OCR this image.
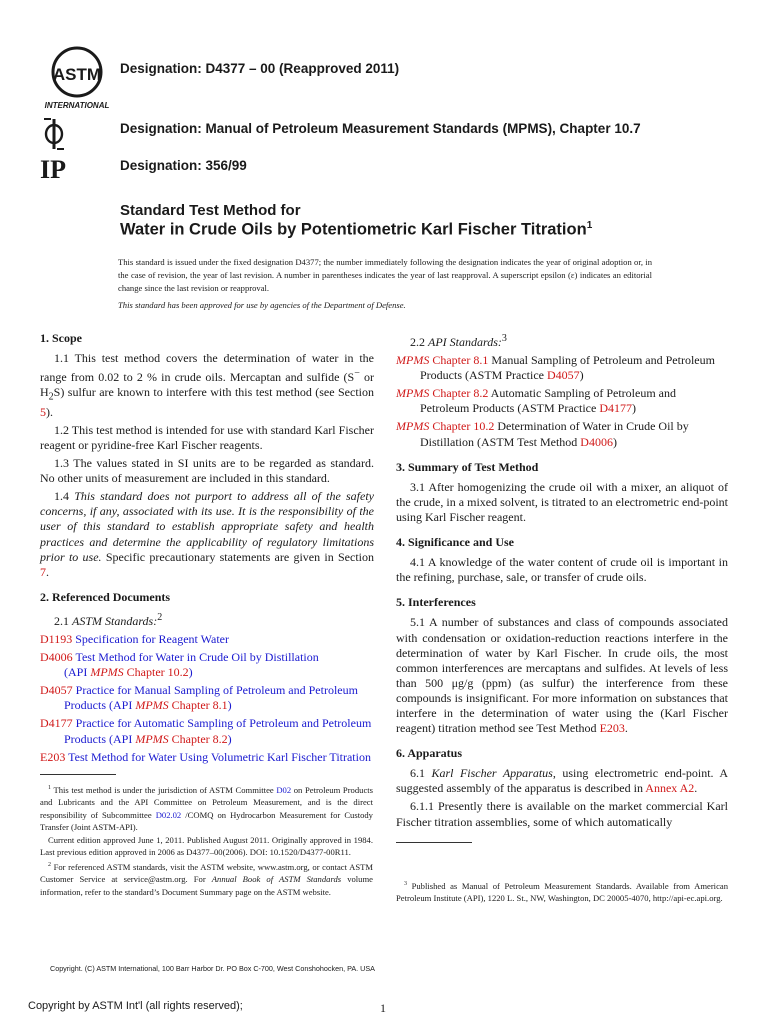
ASTM
INTERNATIONAL
API
IP
Designation: D4377 – 00 (Reapproved 2011)
Designation: Manual of Petroleum Measurement Standards (MPMS), Chapter 10.7
Designation: 356/99
Standard Test Method for
Water in Crude Oils by Potentiometric Karl Fischer Titration$^1$
This standard is issued under the fixed designation D4377; the number immediately following the designation indicates the year of original adoption or, in the case of revision, the year of last revision. A number in parentheses indicates the year of last reapproval. A superscript epsilon (ε) indicates an editorial change since the last revision or reapproval.
This standard has been approved for use by agencies of the Department of Defense.
1. Scope

1.1 This test method covers the determination of water in the range from 0.02 to 2 % in crude oils. Mercaptan and sulfide (S− or $H_2S$) sulfur are known to interfere with this test method (see Section 5).

1.2 This test method is intended for use with standard Karl Fischer reagent or pyridine-free Karl Fischer reagents.

1.3 The values stated in SI units are to be regarded as standard. No other units of measurement are included in this standard.

1.4 This standard does not purport to address all of the safety concerns, if any, associated with its use. It is the responsibility of the user of this standard to establish appropriate safety and health practices and determine the applicability of regulatory limitations prior to use. Specific precautionary statements are given in Section 7.

2. Referenced Documents

2.1 ASTM Standards:$^2$

D1193 Specification for Reagent Water

D4006 Test Method for Water in Crude Oil by Distillation
(API MPMS Chapter 10.2)

D4057 Practice for Manual Sampling of Petroleum and Petroleum Products (API MPMS Chapter 8.1)

D4177 Practice for Automatic Sampling of Petroleum and Petroleum Products (API MPMS Chapter 8.2)

E203 Test Method for Water Using Volumetric Karl Fischer Titration

$^1$ This test method is under the jurisdiction of ASTM Committee D02 on Petroleum Products and Lubricants and the API Committee on Petroleum Measurement, and is the direct responsibility of Subcommittee D02.02 /COMQ on Hydrocarbon Measurement for Custody Transfer (Joint ASTM-API).

Current edition approved June 1, 2011. Published August 2011. Originally approved in 1984. Last previous edition approved in 2006 as D4377–00(2006). DOI: 10.1520/D4377-00R11.

$^2$ For referenced ASTM standards, visit the ASTM website, www.astm.org, or contact ASTM Customer Service at service@astm.org. For Annual Book of ASTM Standards volume information, refer to the standard’s Document Summary page on the ASTM website.

2.2 API Standards:$^3$

MPMS Chapter 8.1 Manual Sampling of Petroleum and Petroleum Products (ASTM Practice D4057)

MPMS Chapter 8.2 Automatic Sampling of Petroleum and Petroleum Products (ASTM Practice D4177)

MPMS Chapter 10.2 Determination of Water in Crude Oil by Distillation (ASTM Test Method D4006)

3. Summary of Test Method

3.1 After homogenizing the crude oil with a mixer, an aliquot of the crude, in a mixed solvent, is titrated to an electrometric end-point using Karl Fischer reagent.

4. Significance and Use

4.1 A knowledge of the water content of crude oil is important in the refining, purchase, sale, or transfer of crude oils.

5. Interferences

5.1 A number of substances and class of compounds associated with condensation or oxidation-reduction reactions interfere in the determination of water by Karl Fischer. In crude oils, the most common interferences are mercaptans and sulfides. At levels of less than 500 μg/g (ppm) (as sulfur) the interference from these compounds is insignificant. For more information on substances that interfere in the determination of water using the (Karl Fischer reagent) titration method see Test Method E203.

6. Apparatus

6.1 Karl Fischer Apparatus, using electrometric end-point. A suggested assembly of the apparatus is described in Annex A2.

6.1.1 Presently there is available on the market commercial Karl Fischer titration assemblies, some of which automatically

$^3$ Published as Manual of Petroleum Measurement Standards. Available from American Petroleum Institute (API), 1220 L. St., NW, Washington, DC 20005-4070, http://api-ec.api.org.

Copyright. (C) ASTM International, 100 Barr Harbor Dr. PO Box C-700, West Conshohocken, PA. USA
Copyright by ASTM Int'l (all rights reserved);	1
